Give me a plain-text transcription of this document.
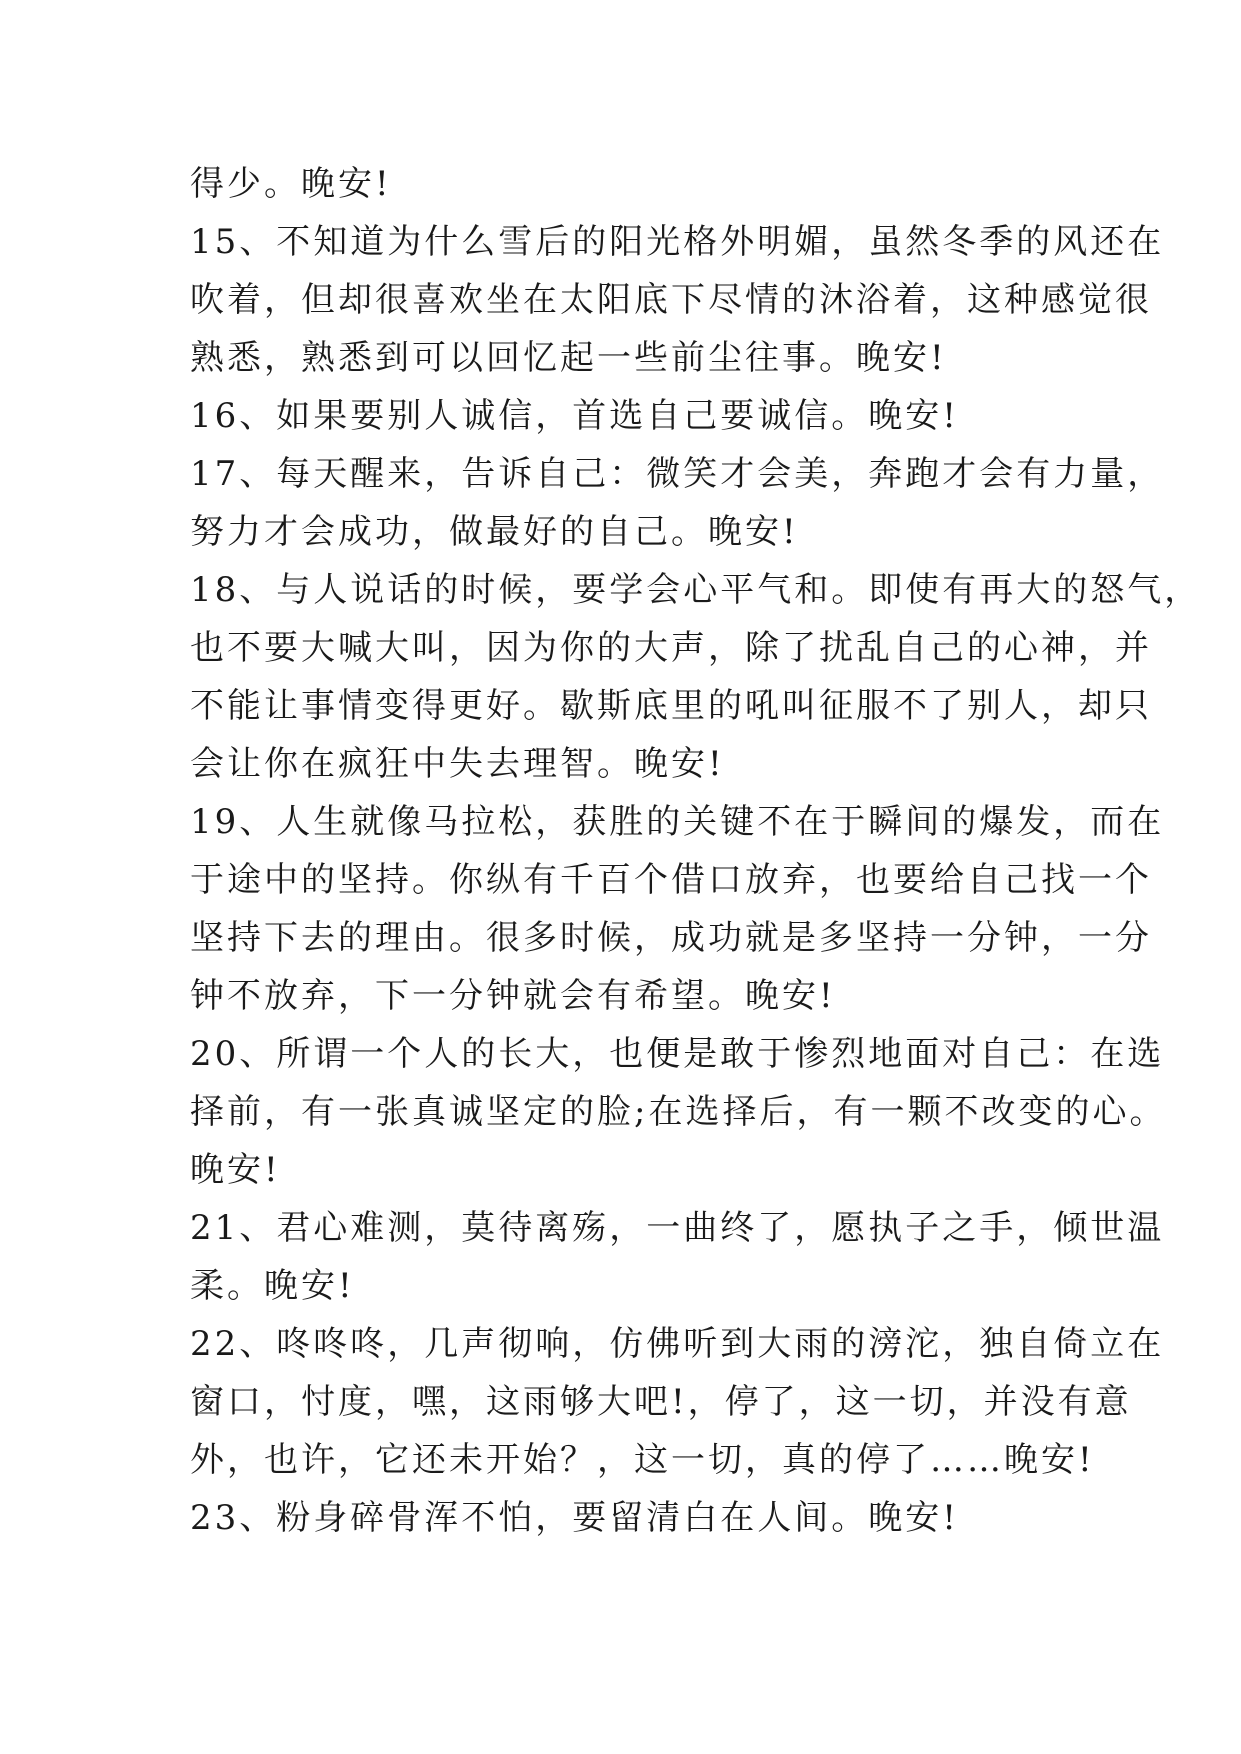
得少。晚安!

15、不知道为什么雪后的阳光格外明媚，虽然冬季的风还在

吹着，但却很喜欢坐在太阳底下尽情的沐浴着，这种感觉很

熟悉，熟悉到可以回忆起一些前尘往事。晚安!

16、如果要别人诚信，首选自己要诚信。晚安!

17、每天醒来，告诉自己：微笑才会美，奔跑才会有力量，

努力才会成功，做最好的自己。晚安!

18、与人说话的时候，要学会心平气和。即使有再大的怒气，

也不要大喊大叫，因为你的大声，除了扰乱自己的心神，并

不能让事情变得更好。歇斯底里的吼叫征服不了别人，却只

会让你在疯狂中失去理智。晚安!

19、人生就像马拉松，获胜的关键不在于瞬间的爆发，而在

于途中的坚持。你纵有千百个借口放弃，也要给自己找一个

坚持下去的理由。很多时候，成功就是多坚持一分钟，一分

钟不放弃，下一分钟就会有希望。晚安!

20、所谓一个人的长大，也便是敢于惨烈地面对自己：在选

择前，有一张真诚坚定的脸;在选择后，有一颗不改变的心。

晚安!

21、君心难测，莫待离殇，一曲终了，愿执子之手，倾世温

柔。晚安!

22、咚咚咚，几声彻响，仿佛听到大雨的滂沱，独自倚立在

窗口，忖度，嘿，这雨够大吧!，停了，这一切，并没有意

外，也许，它还未开始？，这一切，真的停了……晚安!

23、粉身碎骨浑不怕，要留清白在人间。晚安!
